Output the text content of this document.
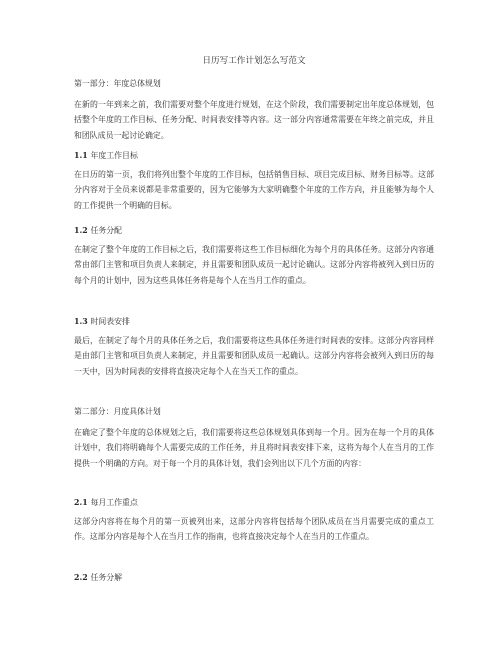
日历写工作计划怎么写范文
第一部分：年度总体规划
在新的一年到来之前，我们需要对整个年度进行规划，在这个阶段，我们需要制定出年度总体规划，包括整个年度的工作目标、任务分配、时间表安排等内容。这一部分内容通常需要在年终之前完成，并且和团队成员一起讨论确定。
1.1 年度工作目标
在日历的第一页，我们将列出整个年度的工作目标，包括销售目标、项目完成目标、财务目标等。这部分内容对于全员来说都是非常重要的，因为它能够为大家明确整个年度的工作方向，并且能够为每个人的工作提供一个明确的目标。
1.2 任务分配
在制定了整个年度的工作目标之后，我们需要将这些工作目标细化为每个月的具体任务。这部分内容通常由部门主管和项目负责人来制定，并且需要和团队成员一起讨论确认。这部分内容将被列入到日历的每个月的计划中，因为这些具体任务将是每个人在当月工作的重点。
1.3 时间表安排
最后，在制定了每个月的具体任务之后，我们需要将这些具体任务进行时间表的安排。这部分内容同样是由部门主管和项目负责人来制定，并且需要和团队成员一起确认。这部分内容将会被列入到日历的每一天中，因为时间表的安排将直接决定每个人在当天工作的重点。
第二部分：月度具体计划
在确定了整个年度的总体规划之后，我们需要将这些总体规划具体到每一个月。因为在每一个月的具体计划中，我们将明确每个人需要完成的工作任务，并且将时间表安排下来，这将为每个人在当月的工作提供一个明确的方向。对于每一个月的具体计划，我们会列出以下几个方面的内容：
2.1 每月工作重点
这部分内容将在每个月的第一页被列出来，这部分内容将包括每个团队成员在当月需要完成的重点工作。这部分内容是每个人在当月工作的指南，也将直接决定每个人在当月的工作重点。
2.2 任务分解
